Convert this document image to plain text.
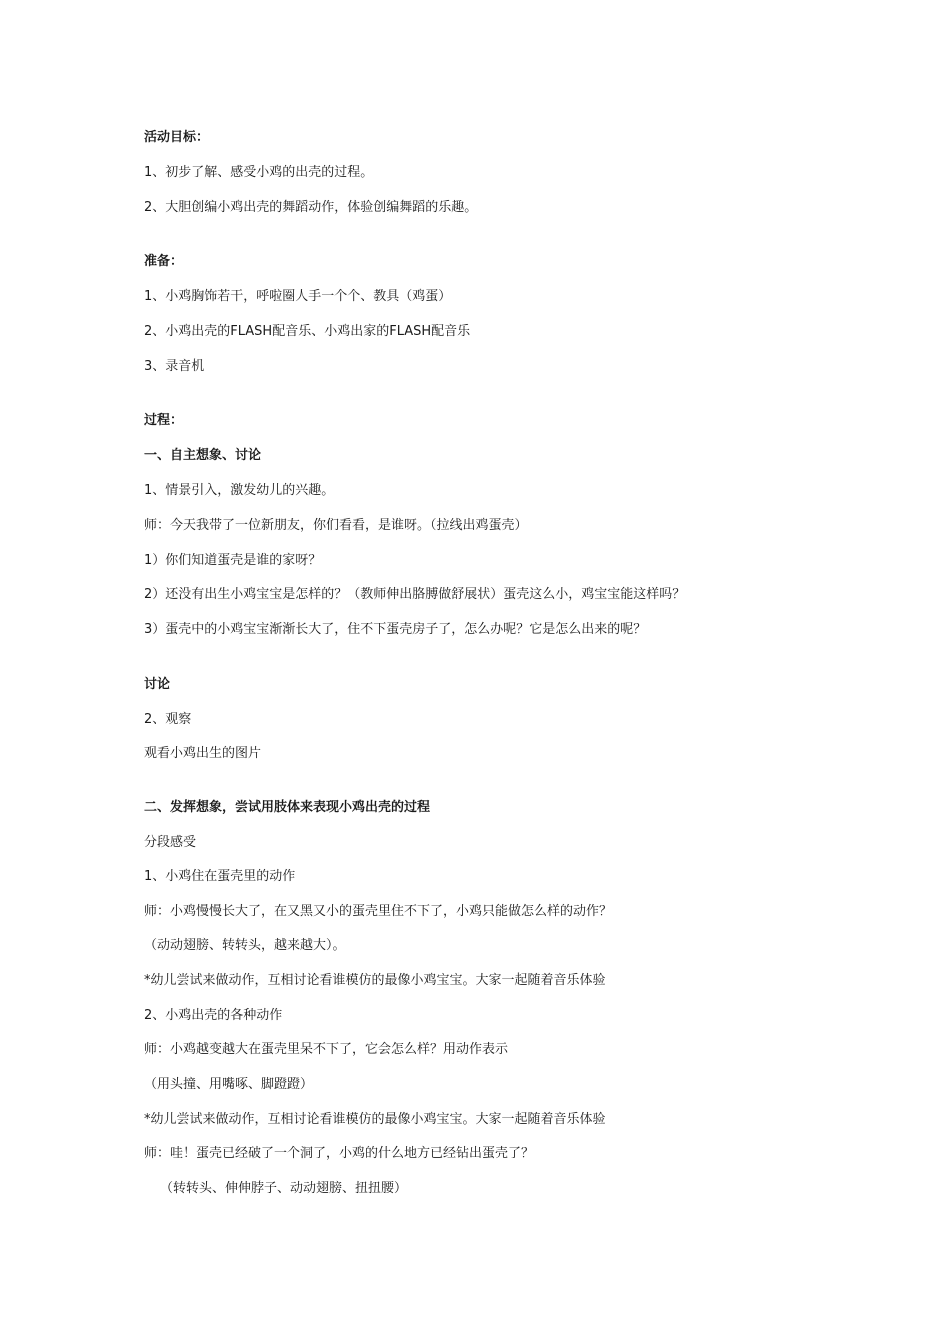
活动目标：
1、初步了解、感受小鸡的出壳的过程。
2、大胆创编小鸡出壳的舞蹈动作，体验创编舞蹈的乐趣。
准备：
1、小鸡胸饰若干，呼啦圈人手一个个、教具（鸡蛋）
2、小鸡出壳的FLASH配音乐、小鸡出家的FLASH配音乐
3、录音机
过程：
一、自主想象、讨论
1、情景引入，激发幼儿的兴趣。
师：今天我带了一位新朋友，你们看看，是谁呀。（拉线出鸡蛋壳）
1）你们知道蛋壳是谁的家呀？
2）还没有出生小鸡宝宝是怎样的？（教师伸出胳膊做舒展状）蛋壳这么小，鸡宝宝能这样吗？
3）蛋壳中的小鸡宝宝渐渐长大了，住不下蛋壳房子了，怎么办呢？它是怎么出来的呢？
讨论
2、观察
观看小鸡出生的图片
二、发挥想象，尝试用肢体来表现小鸡出壳的过程
分段感受
1、小鸡住在蛋壳里的动作
师：小鸡慢慢长大了，在又黑又小的蛋壳里住不下了，小鸡只能做怎么样的动作？
（动动翅膀、转转头，越来越大）。
*幼儿尝试来做动作，互相讨论看谁模仿的最像小鸡宝宝。大家一起随着音乐体验
2、小鸡出壳的各种动作
师：小鸡越变越大在蛋壳里呆不下了，它会怎么样？用动作表示
（用头撞、用嘴啄、脚蹬蹬）
*幼儿尝试来做动作，互相讨论看谁模仿的最像小鸡宝宝。大家一起随着音乐体验
师：哇！蛋壳已经破了一个洞了，小鸡的什么地方已经钻出蛋壳了？
（转转头、伸伸脖子、动动翅膀、扭扭腰）
